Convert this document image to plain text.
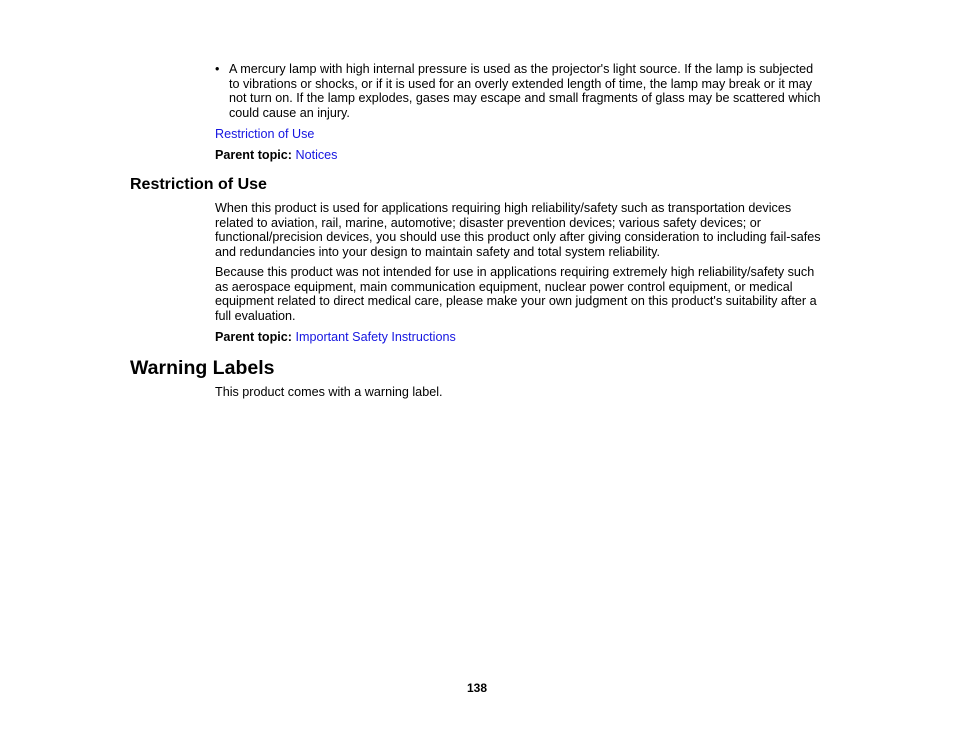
• A mercury lamp with high internal pressure is used as the projector's light source. If the lamp is subjected to vibrations or shocks, or if it is used for an overly extended length of time, the lamp may break or it may not turn on. If the lamp explodes, gases may escape and small fragments of glass may be scattered which could cause an injury.

Restriction of Use

Parent topic: Notices

Restriction of Use

When this product is used for applications requiring high reliability/safety such as transportation devices related to aviation, rail, marine, automotive; disaster prevention devices; various safety devices; or functional/precision devices, you should use this product only after giving consideration to including fail-safes and redundancies into your design to maintain safety and total system reliability.

Because this product was not intended for use in applications requiring extremely high reliability/safety such as aerospace equipment, main communication equipment, nuclear power control equipment, or medical equipment related to direct medical care, please make your own judgment on this product's suitability after a full evaluation.

Parent topic: Important Safety Instructions

Warning Labels

This product comes with a warning label.

138
